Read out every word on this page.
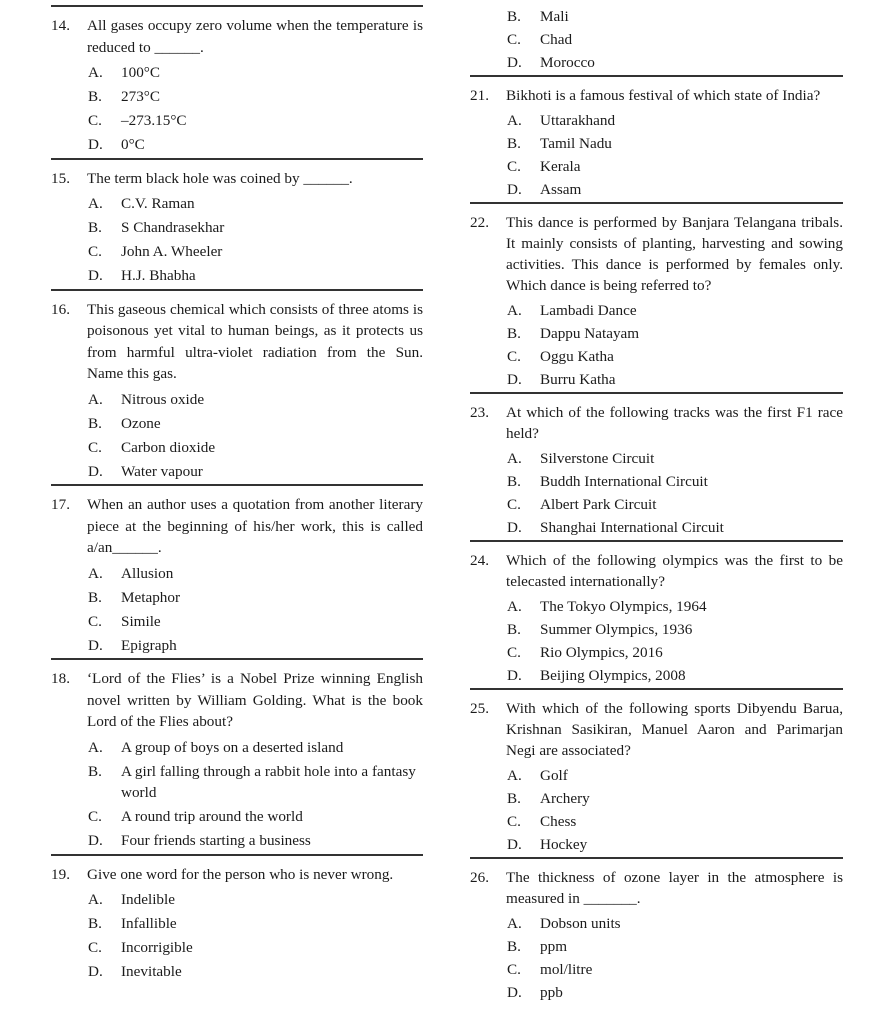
14.	All gases occupy zero volume when the temperature is reduced to ______.
A.	100°C
B.	273°C
C.	–273.15°C
D.	0°C
15.	The term black hole was coined by ______.
A.	C.V. Raman
B.	S Chandrasekhar
C.	John A. Wheeler
D.	H.J. Bhabha
16.	This gaseous chemical which consists of three atoms is poisonous yet vital to human beings, as it protects us from harmful ultra-violet radiation from the Sun. Name this gas.
A.	Nitrous oxide
B.	Ozone
C.	Carbon dioxide
D.	Water vapour
17.	When an author uses a quotation from another literary piece at the beginning of his/her work, this is called a/an______.
A.	Allusion
B.	Metaphor
C.	Simile
D.	Epigraph
18.	‘Lord of the Flies’ is a Nobel Prize winning English novel written by William Golding. What is the book Lord of the Flies about?
A.	A group of boys on a deserted island
B.	A girl falling through a rabbit hole into a fantasy world
C.	A round trip around the world
D.	Four friends starting a business
19.	Give one word for the person who is never wrong.
A.	Indelible
B.	Infallible
C.	Incorrigible
D.	Inevitable
B.	Mali
C.	Chad
D.	Morocco
21.	Bikhoti is a famous festival of which state of India?
A.	Uttarakhand
B.	Tamil Nadu
C.	Kerala
D.	Assam
22.	This dance is performed by Banjara Telangana tribals. It mainly consists of planting, harvesting and sowing activities. This dance is performed by females only. Which dance is being referred to?
A.	Lambadi Dance
B.	Dappu Natayam
C.	Oggu Katha
D.	Burru Katha
23.	At which of the following tracks was the first F1 race held?
A.	Silverstone Circuit
B.	Buddh International Circuit
C.	Albert Park Circuit
D.	Shanghai International Circuit
24.	Which of the following olympics was the first to be telecasted internationally?
A.	The Tokyo Olympics, 1964
B.	Summer Olympics, 1936
C.	Rio Olympics, 2016
D.	Beijing Olympics, 2008
25.	With which of the following sports Dibyendu Barua, Krishnan Sasikiran, Manuel Aaron and Parimarjan Negi are associated?
A.	Golf
B.	Archery
C.	Chess
D.	Hockey
26.	The thickness of ozone layer in the atmosphere is measured in _______.
A.	Dobson units
B.	ppm
C.	mol/litre
D.	ppb
